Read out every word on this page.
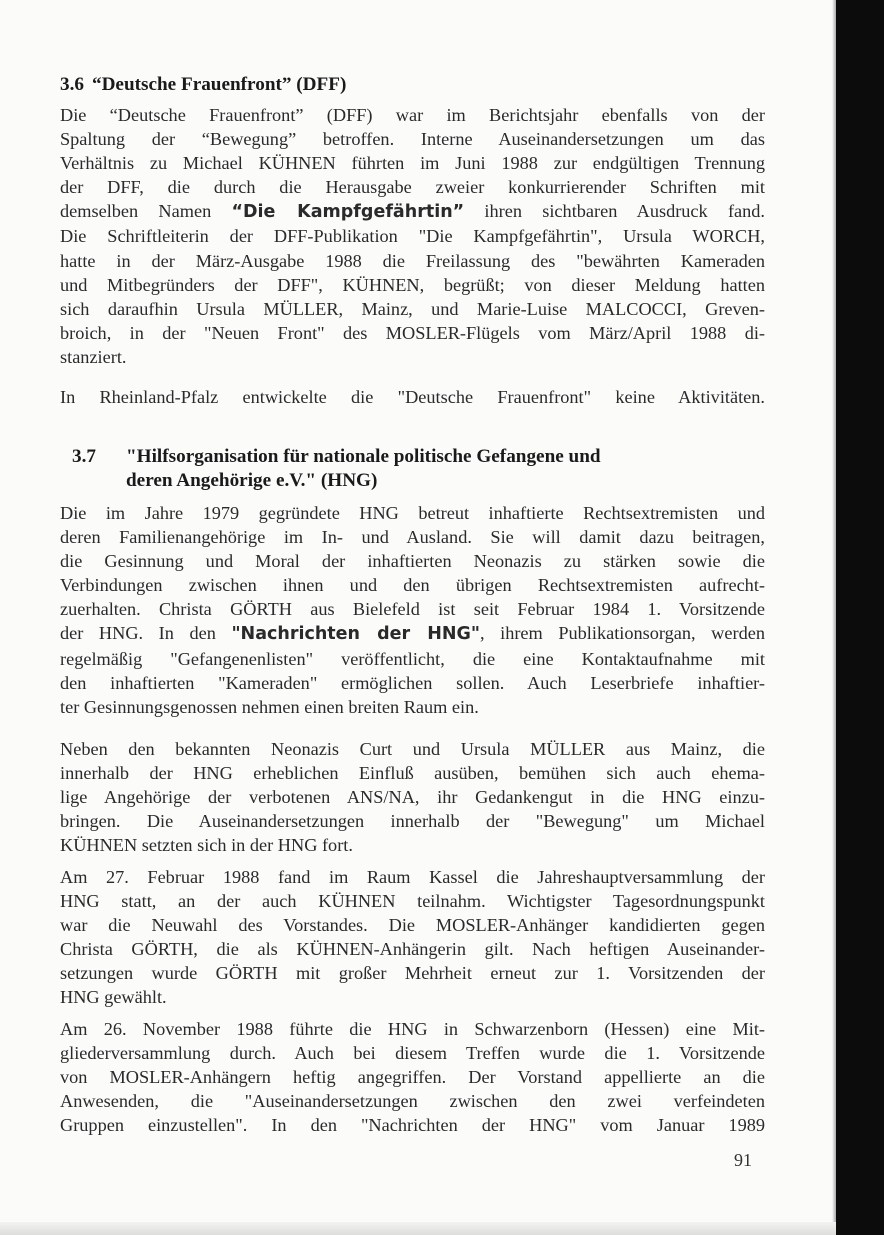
3.6 “Deutsche Frauenfront” (DFF)
Die “Deutsche Frauenfront” (DFF) war im Berichtsjahr ebenfalls von der
Spaltung der “Bewegung” betroffen. Interne Auseinandersetzungen um das
Verhältnis zu Michael KÜHNEN führten im Juni 1988 zur endgültigen Trennung
der DFF, die durch die Herausgabe zweier konkurrierender Schriften mit
demselben Namen “Die Kampfgefährtin” ihren sichtbaren Ausdruck fand.
Die Schriftleiterin der DFF-Publikation "Die Kampfgefährtin", Ursula WORCH,
hatte in der März-Ausgabe 1988 die Freilassung des "bewährten Kameraden
und Mitbegründers der DFF", KÜHNEN, begrüßt; von dieser Meldung hatten
sich daraufhin Ursula MÜLLER, Mainz, und Marie-Luise MALCOCCI, Greven-
broich, in der "Neuen Front" des MOSLER-Flügels vom März/April 1988 di-
stanziert.
In Rheinland-Pfalz entwickelte die "Deutsche Frauenfront" keine Aktivitäten.
3.7 "Hilfsorganisation für nationale politische Gefangene und
deren Angehörige e.V." (HNG)
Die im Jahre 1979 gegründete HNG betreut inhaftierte Rechtsextremisten und
deren Familienangehörige im In- und Ausland. Sie will damit dazu beitragen,
die Gesinnung und Moral der inhaftierten Neonazis zu stärken sowie die
Verbindungen zwischen ihnen und den übrigen Rechtsextremisten aufrecht-
zuerhalten. Christa GÖRTH aus Bielefeld ist seit Februar 1984 1. Vorsitzende
der HNG. In den "Nachrichten der HNG", ihrem Publikationsorgan, werden
regelmäßig "Gefangenenlisten" veröffentlicht, die eine Kontaktaufnahme mit
den inhaftierten "Kameraden" ermöglichen sollen. Auch Leserbriefe inhaftier-
ter Gesinnungsgenossen nehmen einen breiten Raum ein.
Neben den bekannten Neonazis Curt und Ursula MÜLLER aus Mainz, die
innerhalb der HNG erheblichen Einfluß ausüben, bemühen sich auch ehema-
lige Angehörige der verbotenen ANS/NA, ihr Gedankengut in die HNG einzu-
bringen. Die Auseinandersetzungen innerhalb der "Bewegung" um Michael
KÜHNEN setzten sich in der HNG fort.
Am 27. Februar 1988 fand im Raum Kassel die Jahreshauptversammlung der
HNG statt, an der auch KÜHNEN teilnahm. Wichtigster Tagesordnungspunkt
war die Neuwahl des Vorstandes. Die MOSLER-Anhänger kandidierten gegen
Christa GÖRTH, die als KÜHNEN-Anhängerin gilt. Nach heftigen Auseinander-
setzungen wurde GÖRTH mit großer Mehrheit erneut zur 1. Vorsitzenden der
HNG gewählt.
Am 26. November 1988 führte die HNG in Schwarzenborn (Hessen) eine Mit-
gliederversammlung durch. Auch bei diesem Treffen wurde die 1. Vorsitzende
von MOSLER-Anhängern heftig angegriffen. Der Vorstand appellierte an die
Anwesenden, die "Auseinandersetzungen zwischen den zwei verfeindeten
Gruppen einzustellen". In den "Nachrichten der HNG" vom Januar 1989
91
